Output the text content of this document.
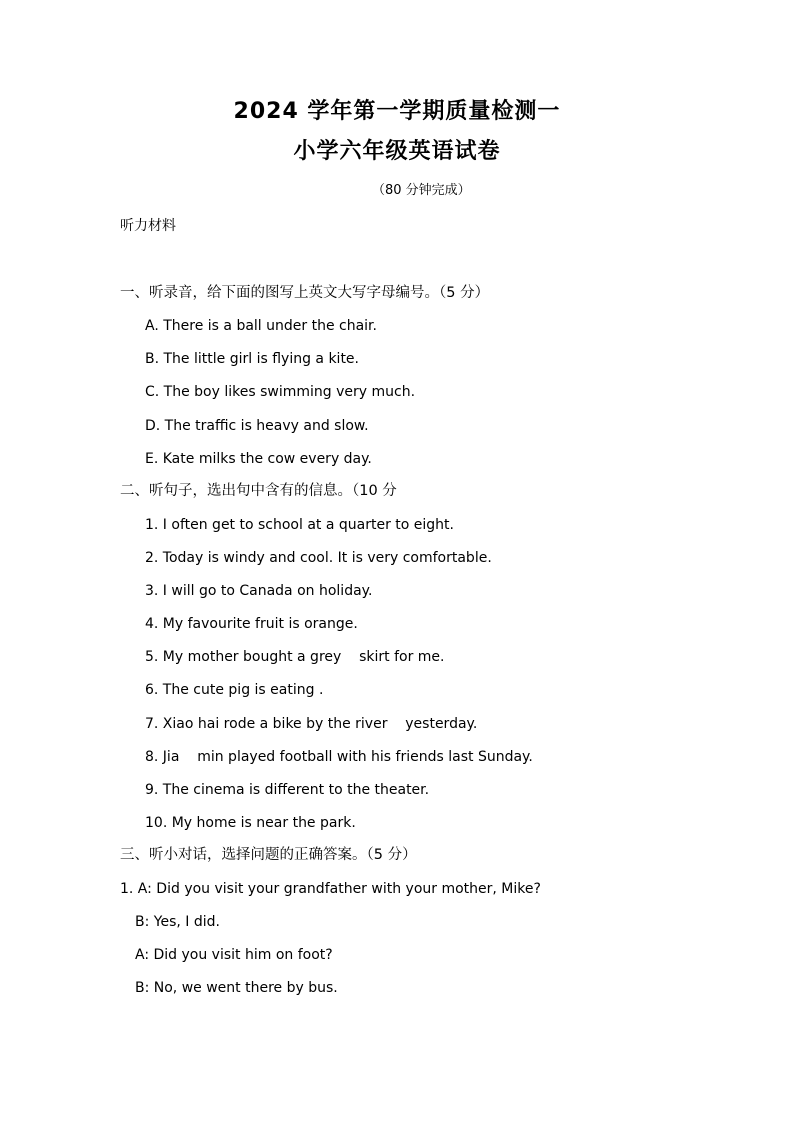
2024 学年第一学期质量检测一
小学六年级英语试卷
（80 分钟完成）
听力材料
一、听录音，给下面的图写上英文大写字母编号。（5 分）
A. There is a ball under the chair.
B. The little girl is flying a kite.
C. The boy likes swimming very much.
D. The traffic is heavy and slow.
E. Kate milks the cow every day.
二、听句子，选出句中含有的信息。（10 分
1. I often get to school at a quarter to eight.
2. Today is windy and cool. It is very comfortable.
3. I will go to Canada on holiday.
4. My favourite fruit is orange.
5. My mother bought a grey    skirt for me.
6. The cute pig is eating .
7. Xiao hai rode a bike by the river    yesterday.
8. Jia    min played football with his friends last Sunday.
9. The cinema is different to the theater.
10. My home is near the park.
三、听小对话，选择问题的正确答案。（5 分）
1. A: Did you visit your grandfather with your mother, Mike?
B: Yes, I did.
A: Did you visit him on foot?
B: No, we went there by bus.
